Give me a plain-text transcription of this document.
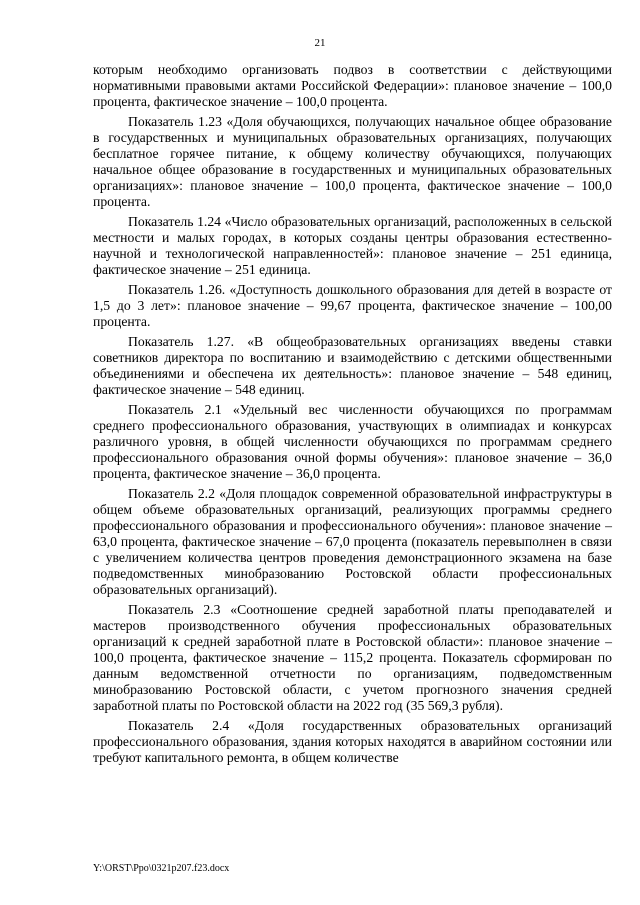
21

которым необходимо организовать подвоз в соответствии с действующими нормативными правовыми актами Российской Федерации»: плановое значение – 100,0 процента, фактическое значение – 100,0 процента.

Показатель 1.23 «Доля обучающихся, получающих начальное общее образование в государственных и муниципальных образовательных организациях, получающих бесплатное горячее питание, к общему количеству обучающихся, получающих начальное общее образование в государственных и муниципальных образовательных организациях»: плановое значение – 100,0 процента, фактическое значение – 100,0 процента.

Показатель 1.24 «Число образовательных организаций, расположенных в сельской местности и малых городах, в которых созданы центры образования естественно-научной и технологической направленностей»: плановое значение – 251 единица, фактическое значение – 251 единица.

Показатель 1.26. «Доступность дошкольного образования для детей в возрасте от 1,5 до 3 лет»: плановое значение – 99,67 процента, фактическое значение – 100,00 процента.

Показатель 1.27. «В общеобразовательных организациях введены ставки советников директора по воспитанию и взаимодействию с детскими общественными объединениями и обеспечена их деятельность»: плановое значение – 548 единиц, фактическое значение – 548 единиц.

Показатель 2.1 «Удельный вес численности обучающихся по программам среднего профессионального образования, участвующих в олимпиадах и конкурсах различного уровня, в общей численности обучающихся по программам среднего профессионального образования очной формы обучения»: плановое значение – 36,0 процента, фактическое значение – 36,0 процента.

Показатель 2.2 «Доля площадок современной образовательной инфраструктуры в общем объеме образовательных организаций, реализующих программы среднего профессионального образования и профессионального обучения»: плановое значение – 63,0 процента, фактическое значение – 67,0 процента (показатель перевыполнен в связи с увеличением количества центров проведения демонстрационного экзамена на базе подведомственных минобразованию Ростовской области профессиональных образовательных организаций).

Показатель 2.3 «Соотношение средней заработной платы преподавателей и мастеров производственного обучения профессиональных образовательных организаций к средней заработной плате в Ростовской области»: плановое значение – 100,0 процента, фактическое значение – 115,2 процента. Показатель сформирован по данным ведомственной отчетности по организациям, подведомственным минобразованию Ростовской области, с учетом прогнозного значения средней заработной платы по Ростовской области на 2022 год (35 569,3 рубля).

Показатель 2.4 «Доля государственных образовательных организаций профессионального образования, здания которых находятся в аварийном состоянии или требуют капитального ремонта, в общем количестве

Y:\ORST\Ppo\0321p207.f23.docx
